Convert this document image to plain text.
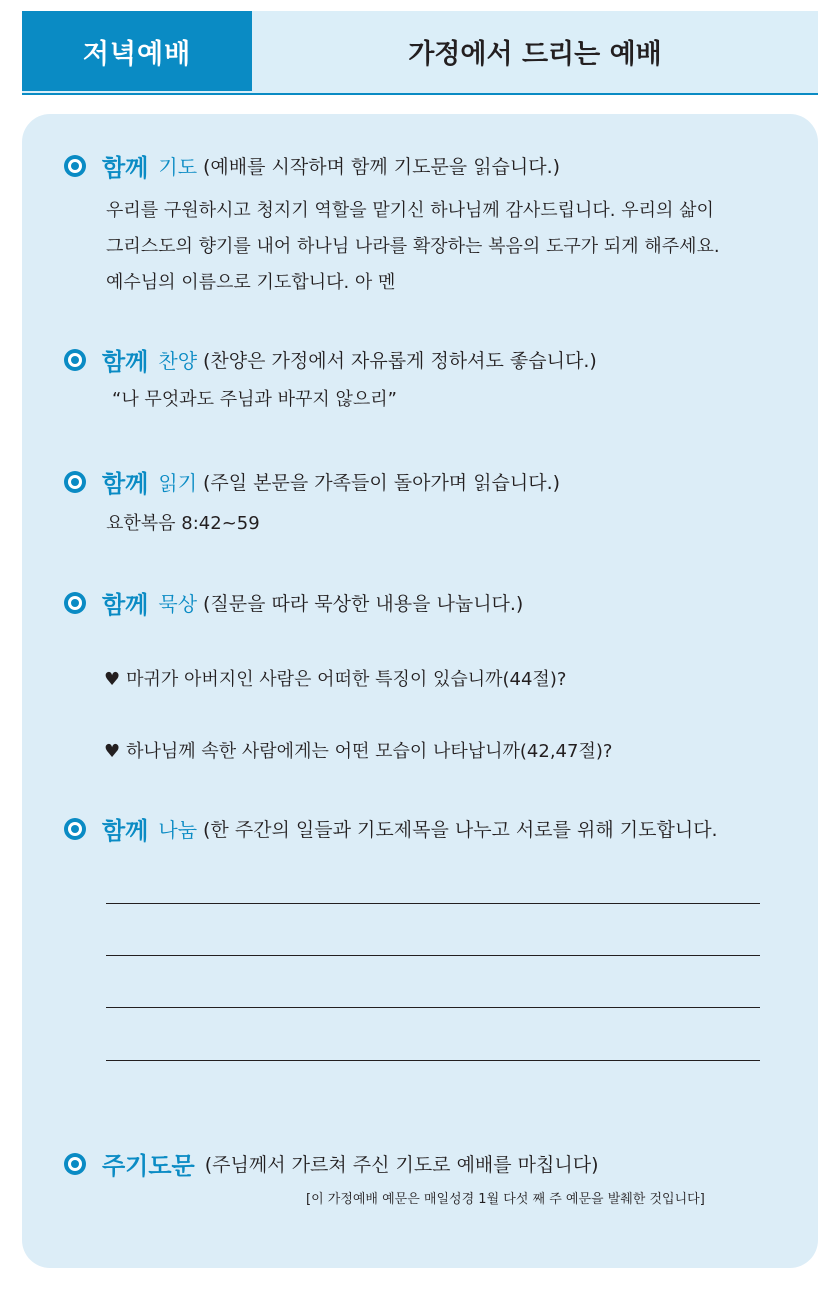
저녁예배	가정에서 드리는 예배
함께 기도 (예배를 시작하며 함께 기도문을 읽습니다.)
우리를 구원하시고 청지기 역할을 맡기신 하나님께 감사드립니다. 우리의 삶이
그리스도의 향기를 내어 하나님 나라를 확장하는 복음의 도구가 되게 해주세요.
예수님의 이름으로 기도합니다. 아 멘
함께 찬양 (찬양은 가정에서 자유롭게 정하셔도 좋습니다.)
“나 무엇과도 주님과 바꾸지 않으리”
함께 읽기 (주일 본문을 가족들이 돌아가며 읽습니다.)
요한복음 8:42~59
함께 묵상 (질문을 따라 묵상한 내용을 나눕니다.)
♥ 마귀가 아버지인 사람은 어떠한 특징이 있습니까(44절)?
♥ 하나님께 속한 사람에게는 어떤 모습이 나타납니까(42,47절)?
함께 나눔 (한 주간의 일들과 기도제목을 나누고 서로를 위해 기도합니다.
주기도문 (주님께서 가르쳐 주신 기도로 예배를 마칩니다)
[이 가정예배 예문은 매일성경 1월 다섯 째 주 예문을 발췌한 것입니다]
